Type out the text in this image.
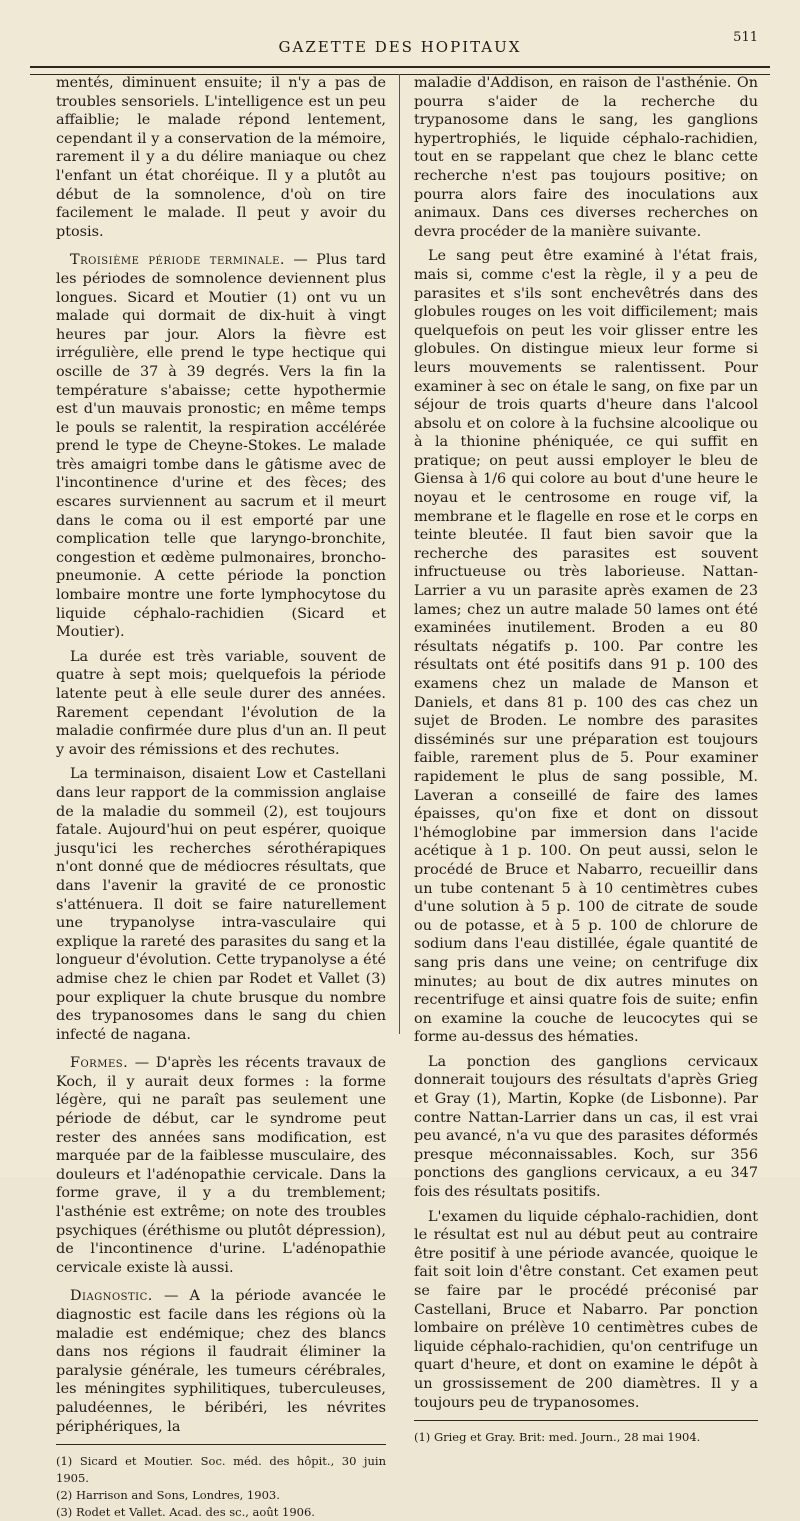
GAZETTE DES HOPITAUX
511

mentés, diminuent ensuite; il n'y a pas de troubles sensoriels. L'intelligence est un peu affaiblie; le malade répond lentement, cependant il y a conservation de la mémoire, rarement il y a du délire maniaque ou chez l'enfant un état choréique. Il y a plutôt au début de la somnolence, d'où on tire facilement le malade. Il peut y avoir du ptosis.

Troisième période terminale. — Plus tard les périodes de somnolence deviennent plus longues. Sicard et Moutier (1) ont vu un malade qui dormait de dix-huit à vingt heures par jour. Alors la fièvre est irrégulière, elle prend le type hectique qui oscille de 37 à 39 degrés. Vers la fin la température s'abaisse; cette hypothermie est d'un mauvais pronostic; en même temps le pouls se ralentit, la respiration accélérée prend le type de Cheyne-Stokes. Le malade très amaigri tombe dans le gâtisme avec de l'incontinence d'urine et des fèces; des escares surviennent au sacrum et il meurt dans le coma ou il est emporté par une complication telle que laryngo-bronchite, congestion et œdème pulmonaires, broncho-pneumonie. A cette période la ponction lombaire montre une forte lymphocytose du liquide céphalo-rachidien (Sicard et Moutier).

La durée est très variable, souvent de quatre à sept mois; quelquefois la période latente peut à elle seule durer des années. Rarement cependant l'évolution de la maladie confirmée dure plus d'un an. Il peut y avoir des rémissions et des rechutes.

La terminaison, disaient Low et Castellani dans leur rapport de la commission anglaise de la maladie du sommeil (2), est toujours fatale. Aujourd'hui on peut espérer, quoique jusqu'ici les recherches sérothérapiques n'ont donné que de médiocres résultats, que dans l'avenir la gravité de ce pronostic s'atténuera. Il doit se faire naturellement une trypanolyse intra-vasculaire qui explique la rareté des parasites du sang et la longueur d'évolution. Cette trypanolyse a été admise chez le chien par Rodet et Vallet (3) pour expliquer la chute brusque du nombre des trypanosomes dans le sang du chien infecté de nagana.

Formes. — D'après les récents travaux de Koch, il y aurait deux formes : la forme légère, qui ne paraît pas seulement une période de début, car le syndrome peut rester des années sans modification, est marquée par de la faiblesse musculaire, des douleurs et l'adénopathie cervicale. Dans la forme grave, il y a du tremblement; l'asthénie est extrême; on note des troubles psychiques (éréthisme ou plutôt dépression), de l'incontinence d'urine. L'adénopathie cervicale existe là aussi.

Diagnostic. — A la période avancée le diagnostic est facile dans les régions où la maladie est endémique; chez des blancs dans nos régions il faudrait éliminer la paralysie générale, les tumeurs cérébrales, les méningites syphilitiques, tuberculeuses, paludéennes, le béribéri, les névrites périphériques, la

(1) Sicard et Moutier. Soc. méd. des hôpit., 30 juin 1905.
(2) Harrison and Sons, Londres, 1903.
(3) Rodet et Vallet. Acad. des sc., août 1906.

maladie d'Addison, en raison de l'asthénie. On pourra s'aider de la recherche du trypanosome dans le sang, les ganglions hypertrophiés, le liquide céphalo-rachidien, tout en se rappelant que chez le blanc cette recherche n'est pas toujours positive; on pourra alors faire des inoculations aux animaux. Dans ces diverses recherches on devra procéder de la manière suivante.

Le sang peut être examiné à l'état frais, mais si, comme c'est la règle, il y a peu de parasites et s'ils sont enchevêtrés dans des globules rouges on les voit difficilement; mais quelquefois on peut les voir glisser entre les globules. On distingue mieux leur forme si leurs mouvements se ralentissent. Pour examiner à sec on étale le sang, on fixe par un séjour de trois quarts d'heure dans l'alcool absolu et on colore à la fuchsine alcoolique ou à la thionine phéniquée, ce qui suffit en pratique; on peut aussi employer le bleu de Giensa à 1/6 qui colore au bout d'une heure le noyau et le centrosome en rouge vif, la membrane et le flagelle en rose et le corps en teinte bleutée. Il faut bien savoir que la recherche des parasites est souvent infructueuse ou très laborieuse. Nattan-Larrier a vu un parasite après examen de 23 lames; chez un autre malade 50 lames ont été examinées inutilement. Broden a eu 80 résultats négatifs p. 100. Par contre les résultats ont été positifs dans 91 p. 100 des examens chez un malade de Manson et Daniels, et dans 81 p. 100 des cas chez un sujet de Broden. Le nombre des parasites disséminés sur une préparation est toujours faible, rarement plus de 5. Pour examiner rapidement le plus de sang possible, M. Laveran a conseillé de faire des lames épaisses, qu'on fixe et dont on dissout l'hémoglobine par immersion dans l'acide acétique à 1 p. 100. On peut aussi, selon le procédé de Bruce et Nabarro, recueillir dans un tube contenant 5 à 10 centimètres cubes d'une solution à 5 p. 100 de citrate de soude ou de potasse, et à 5 p. 100 de chlorure de sodium dans l'eau distillée, égale quantité de sang pris dans une veine; on centrifuge dix minutes; au bout de dix autres minutes on recentrifuge et ainsi quatre fois de suite; enfin on examine la couche de leucocytes qui se forme au-dessus des hématies.

La ponction des ganglions cervicaux donnerait toujours des résultats d'après Grieg et Gray (1), Martin, Kopke (de Lisbonne). Par contre Nattan-Larrier dans un cas, il est vrai peu avancé, n'a vu que des parasites déformés presque méconnaissables. Koch, sur 356 ponctions des ganglions cervicaux, a eu 347 fois des résultats positifs.

L'examen du liquide céphalo-rachidien, dont le résultat est nul au début peut au contraire être positif à une période avancée, quoique le fait soit loin d'être constant. Cet examen peut se faire par le procédé préconisé par Castellani, Bruce et Nabarro. Par ponction lombaire on prélève 10 centimètres cubes de liquide céphalo-rachidien, qu'on centrifuge un quart d'heure, et dont on examine le dépôt à un grossissement de 200 diamètres. Il y a toujours peu de trypanosomes.

(1) Grieg et Gray. Brit: med. Journ., 28 mai 1904.
